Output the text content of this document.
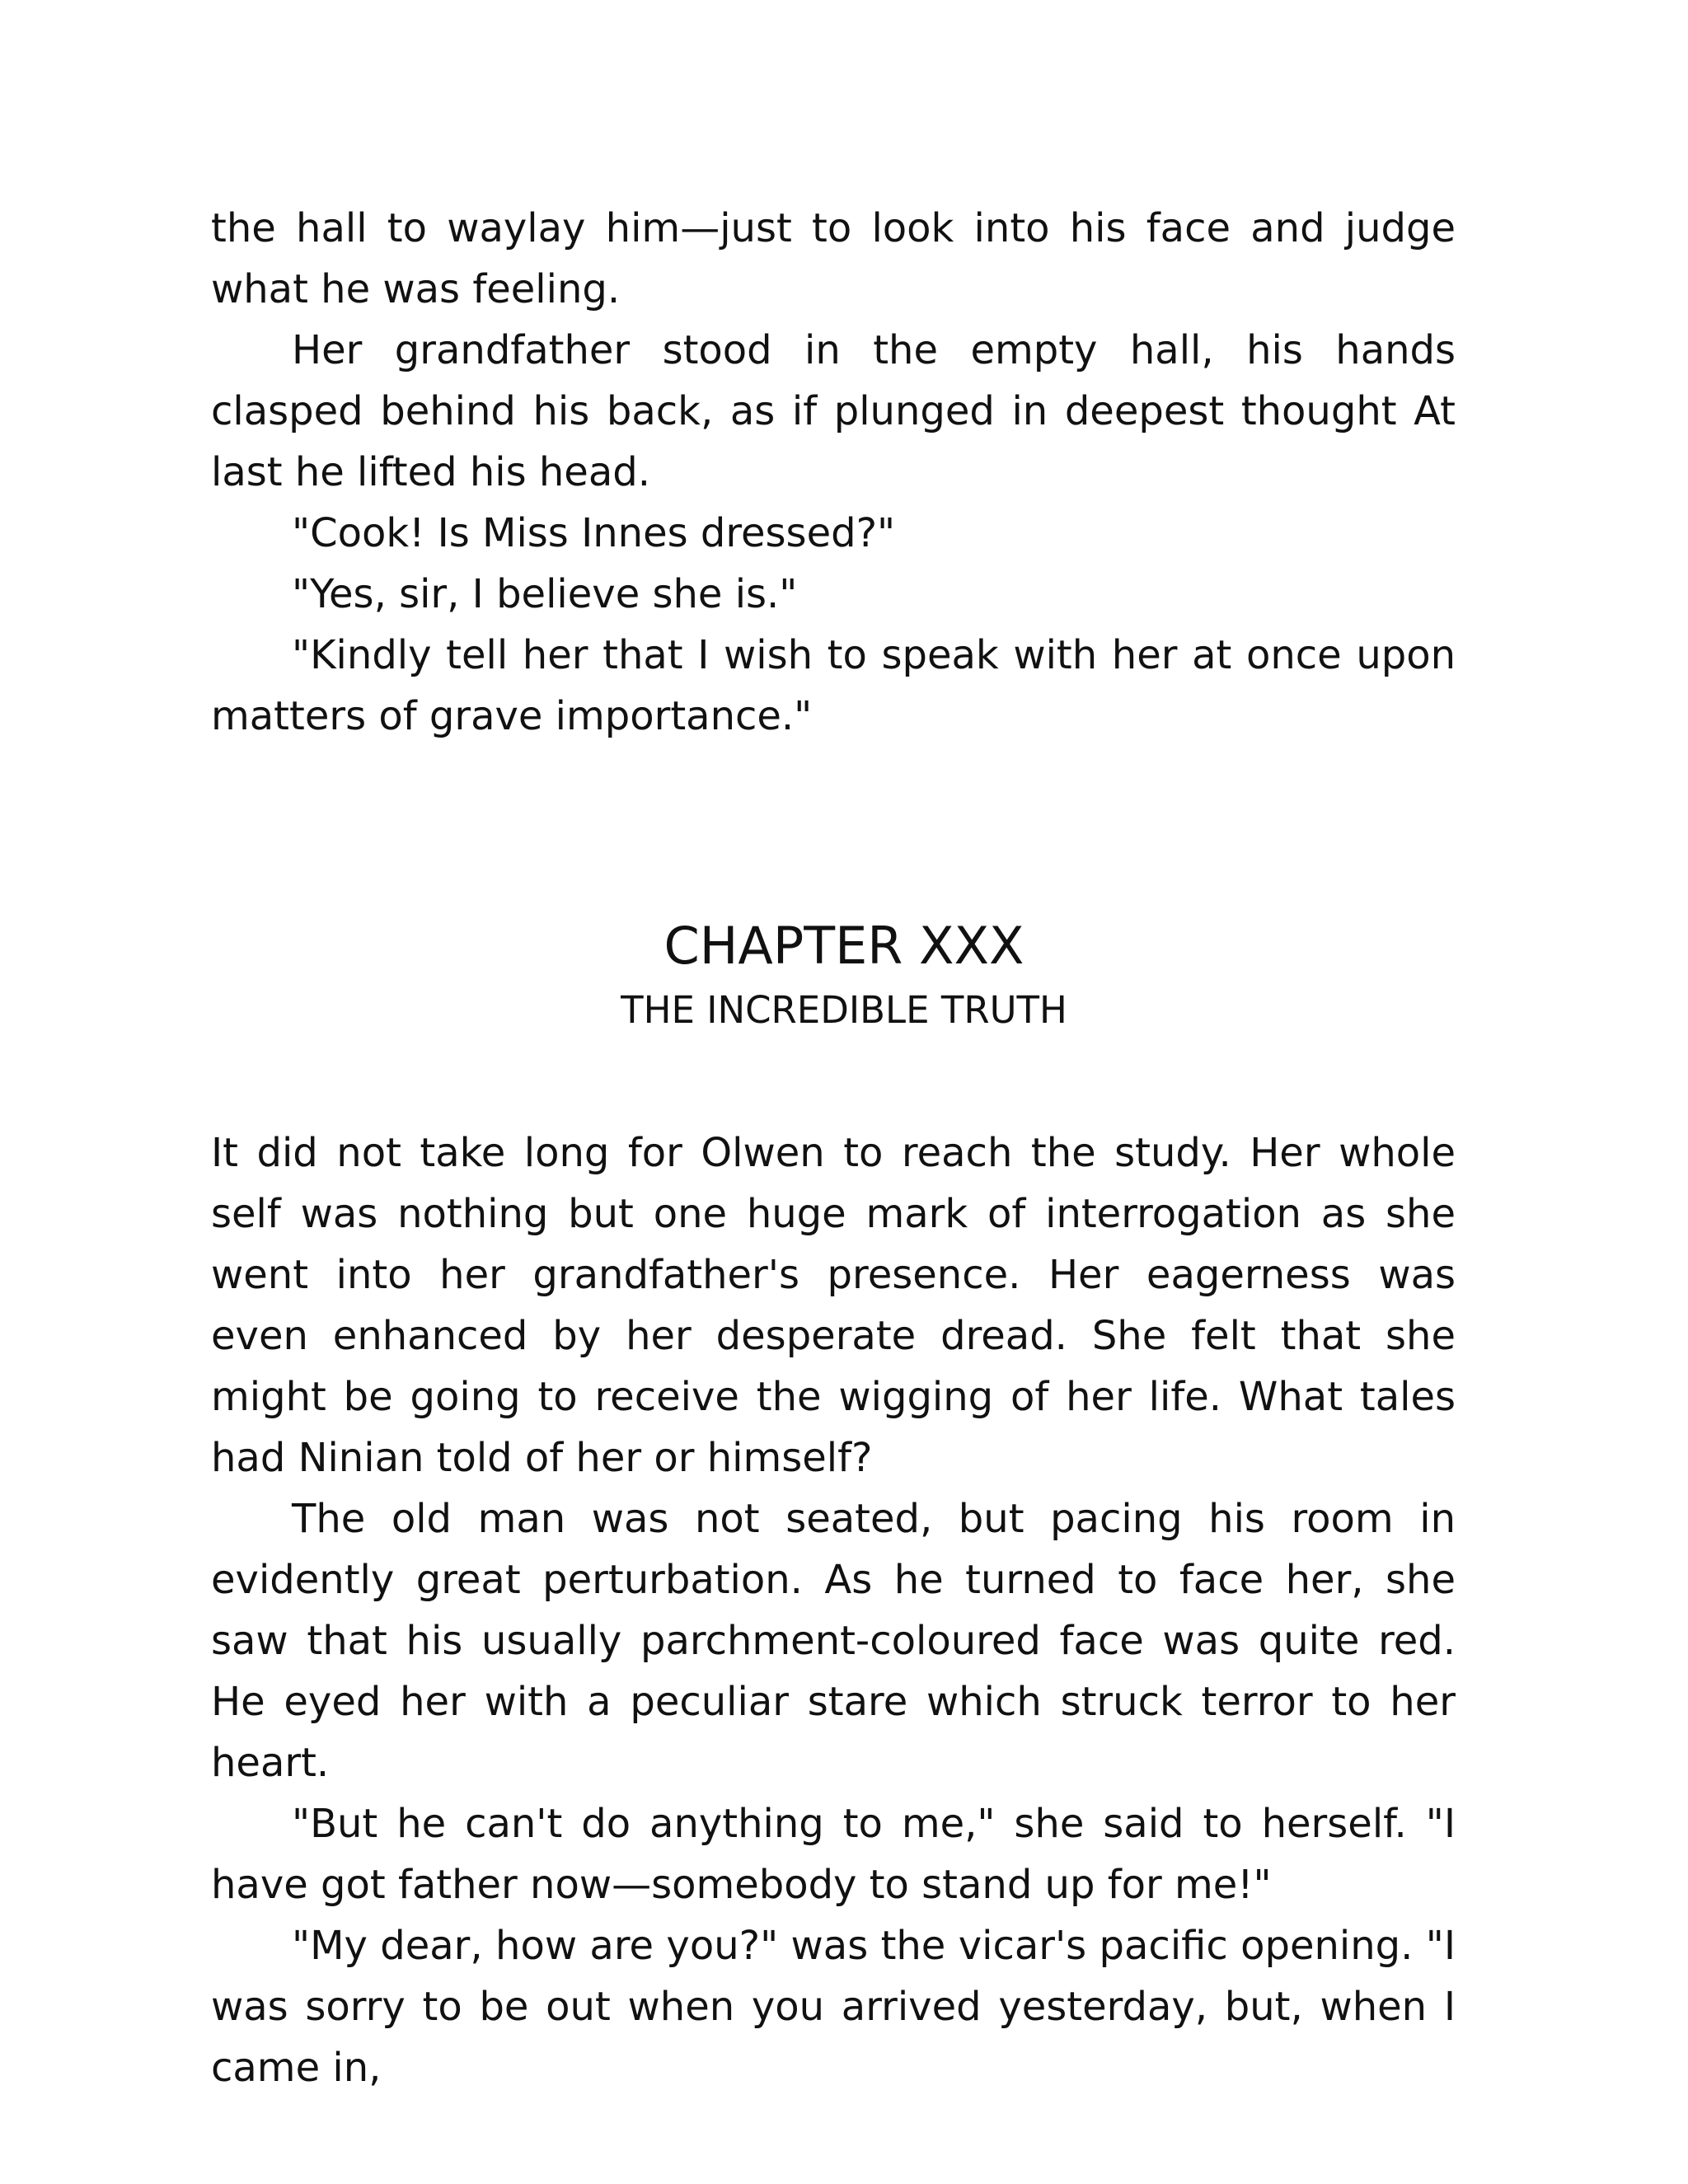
the hall to waylay him—just to look into his face and judge what he was feeling.

Her grandfather stood in the empty hall, his hands clasped behind his back, as if plunged in deepest thought At last he lifted his head.

"Cook! Is Miss Innes dressed?"

"Yes, sir, I believe she is."

"Kindly tell her that I wish to speak with her at once upon matters of grave importance."

CHAPTER XXX
THE INCREDIBLE TRUTH

It did not take long for Olwen to reach the study. Her whole self was nothing but one huge mark of interrogation as she went into her grandfather's presence. Her eagerness was even enhanced by her desperate dread. She felt that she might be going to receive the wigging of her life. What tales had Ninian told of her or himself?

The old man was not seated, but pacing his room in evidently great perturbation. As he turned to face her, she saw that his usually parchment-coloured face was quite red. He eyed her with a peculiar stare which struck terror to her heart.

"But he can't do anything to me," she said to herself. "I have got father now—somebody to stand up for me!"

"My dear, how are you?" was the vicar's pacific opening. "I was sorry to be out when you arrived yesterday, but, when I came in,
